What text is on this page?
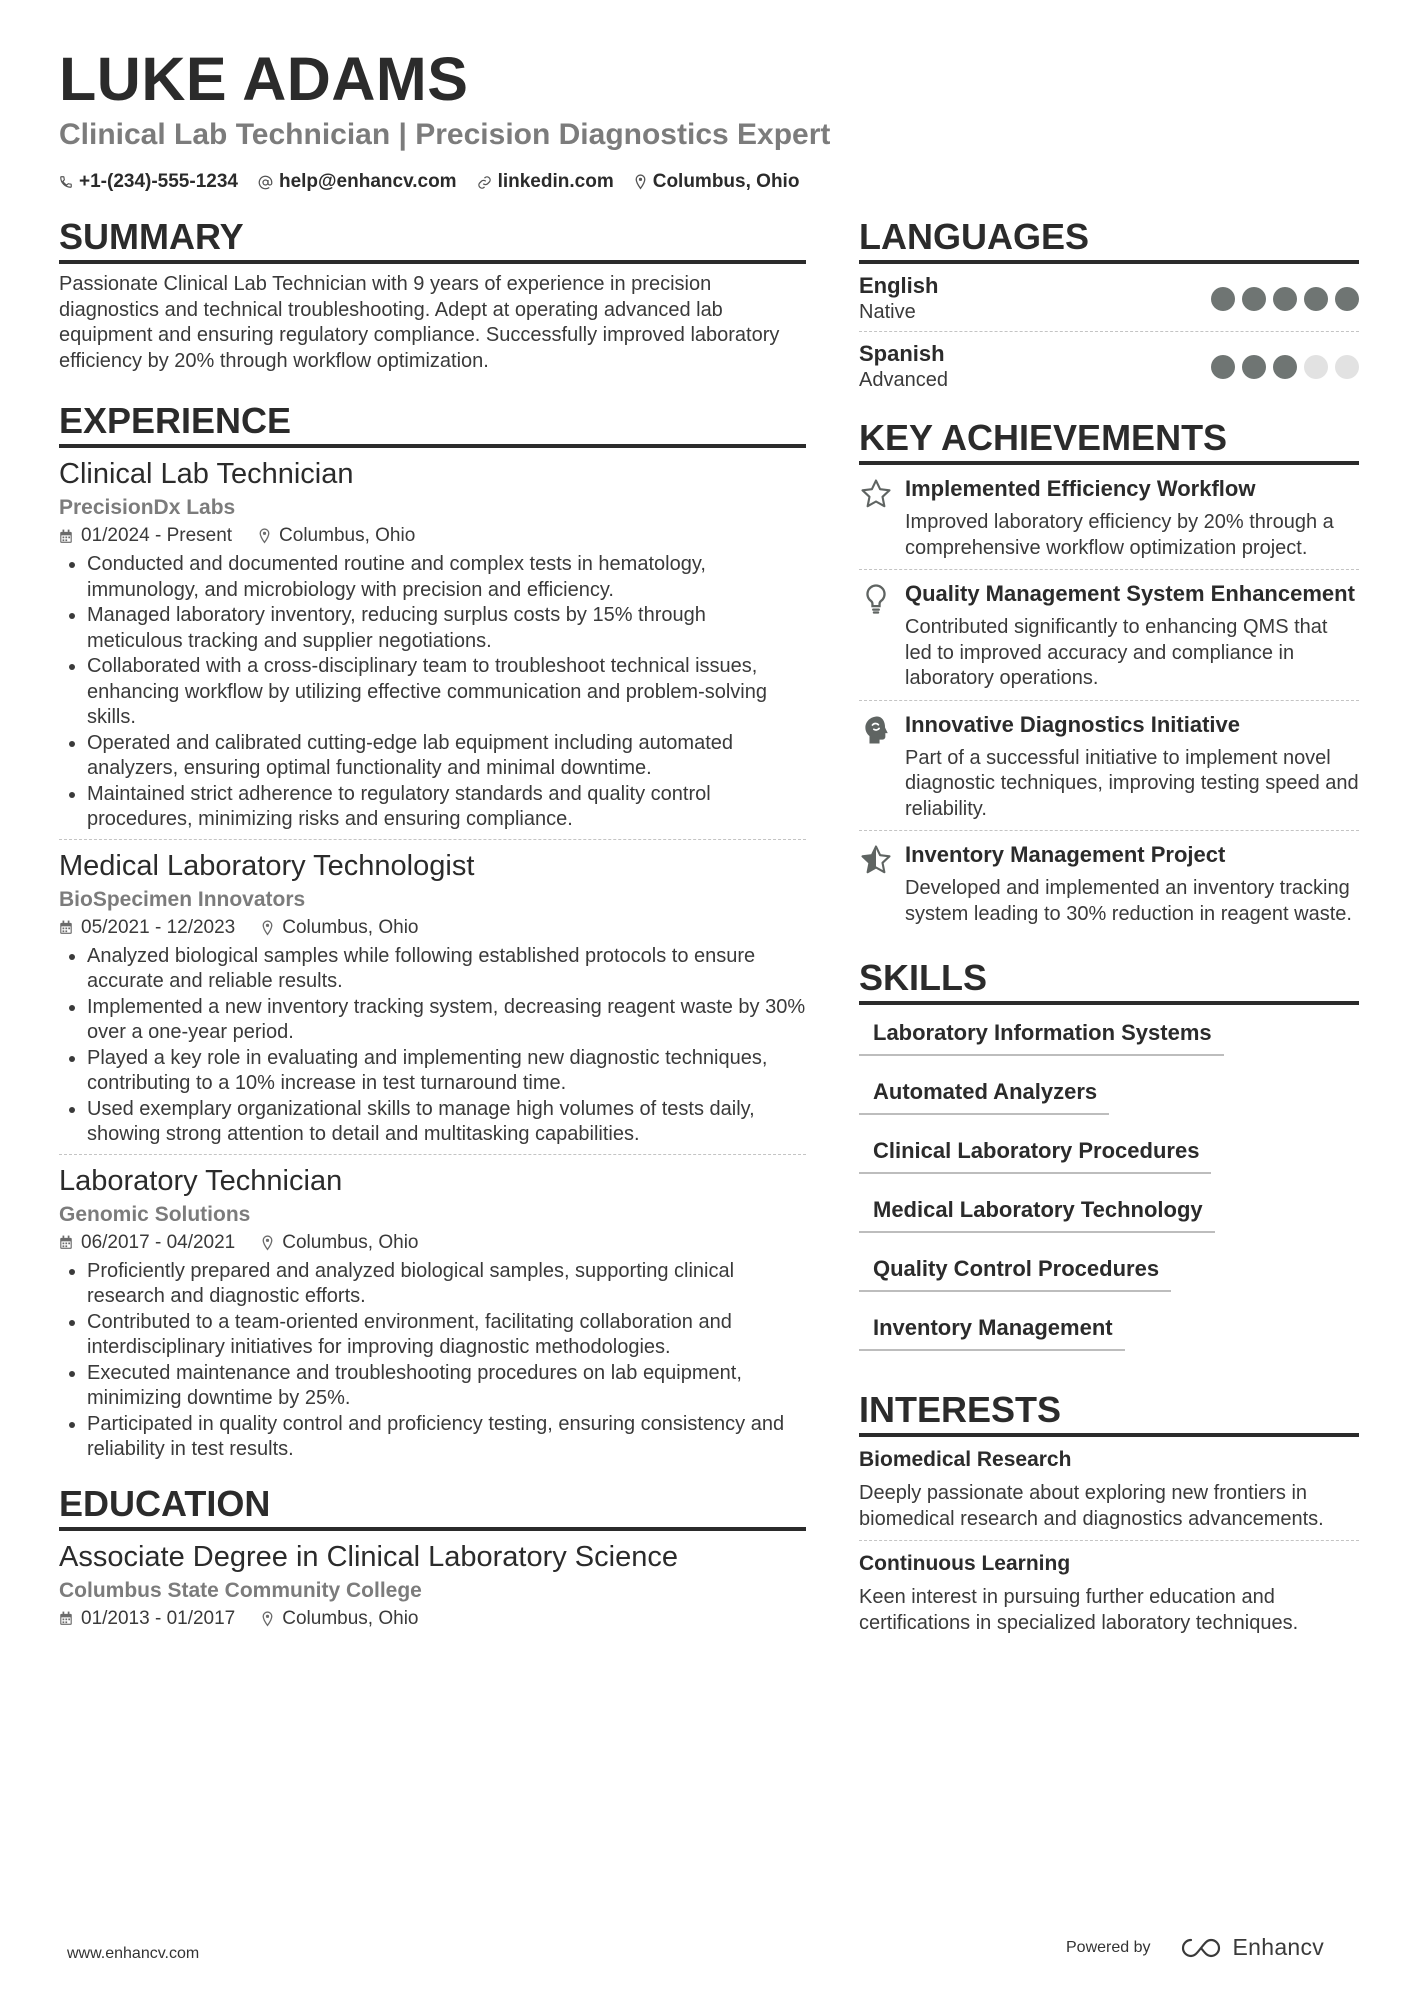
LUKE ADAMS
Clinical Lab Technician | Precision Diagnostics Expert
+1-(234)-555-1234 help@enhancv.com linkedin.com Columbus, Ohio
SUMMARY
Passionate Clinical Lab Technician with 9 years of experience in precision diagnostics and technical troubleshooting. Adept at operating advanced lab equipment and ensuring regulatory compliance. Successfully improved laboratory efficiency by 20% through workflow optimization.
EXPERIENCE
Clinical Lab Technician
PrecisionDx Labs
01/2024 - Present Columbus, Ohio
• Conducted and documented routine and complex tests in hematology, immunology, and microbiology with precision and efficiency.
• Managed laboratory inventory, reducing surplus costs by 15% through meticulous tracking and supplier negotiations.
• Collaborated with a cross-disciplinary team to troubleshoot technical issues, enhancing workflow by utilizing effective communication and problem-solving skills.
• Operated and calibrated cutting-edge lab equipment including automated analyzers, ensuring optimal functionality and minimal downtime.
• Maintained strict adherence to regulatory standards and quality control procedures, minimizing risks and ensuring compliance.
Medical Laboratory Technologist
BioSpecimen Innovators
05/2021 - 12/2023 Columbus, Ohio
• Analyzed biological samples while following established protocols to ensure accurate and reliable results.
• Implemented a new inventory tracking system, decreasing reagent waste by 30% over a one-year period.
• Played a key role in evaluating and implementing new diagnostic techniques, contributing to a 10% increase in test turnaround time.
• Used exemplary organizational skills to manage high volumes of tests daily, showing strong attention to detail and multitasking capabilities.
Laboratory Technician
Genomic Solutions
06/2017 - 04/2021 Columbus, Ohio
• Proficiently prepared and analyzed biological samples, supporting clinical research and diagnostic efforts.
• Contributed to a team-oriented environment, facilitating collaboration and interdisciplinary initiatives for improving diagnostic methodologies.
• Executed maintenance and troubleshooting procedures on lab equipment, minimizing downtime by 25%.
• Participated in quality control and proficiency testing, ensuring consistency and reliability in test results.
EDUCATION
Associate Degree in Clinical Laboratory Science
Columbus State Community College
01/2013 - 01/2017 Columbus, Ohio
LANGUAGES
English
Native
Spanish
Advanced
KEY ACHIEVEMENTS
Implemented Efficiency Workflow
Improved laboratory efficiency by 20% through a comprehensive workflow optimization project.
Quality Management System Enhancement
Contributed significantly to enhancing QMS that led to improved accuracy and compliance in laboratory operations.
Innovative Diagnostics Initiative
Part of a successful initiative to implement novel diagnostic techniques, improving testing speed and reliability.
Inventory Management Project
Developed and implemented an inventory tracking system leading to 30% reduction in reagent waste.
SKILLS
Laboratory Information Systems
Automated Analyzers
Clinical Laboratory Procedures
Medical Laboratory Technology
Quality Control Procedures
Inventory Management
INTERESTS
Biomedical Research
Deeply passionate about exploring new frontiers in biomedical research and diagnostics advancements.
Continuous Learning
Keen interest in pursuing further education and certifications in specialized laboratory techniques.
www.enhancv.com	Powered by	Enhancv
